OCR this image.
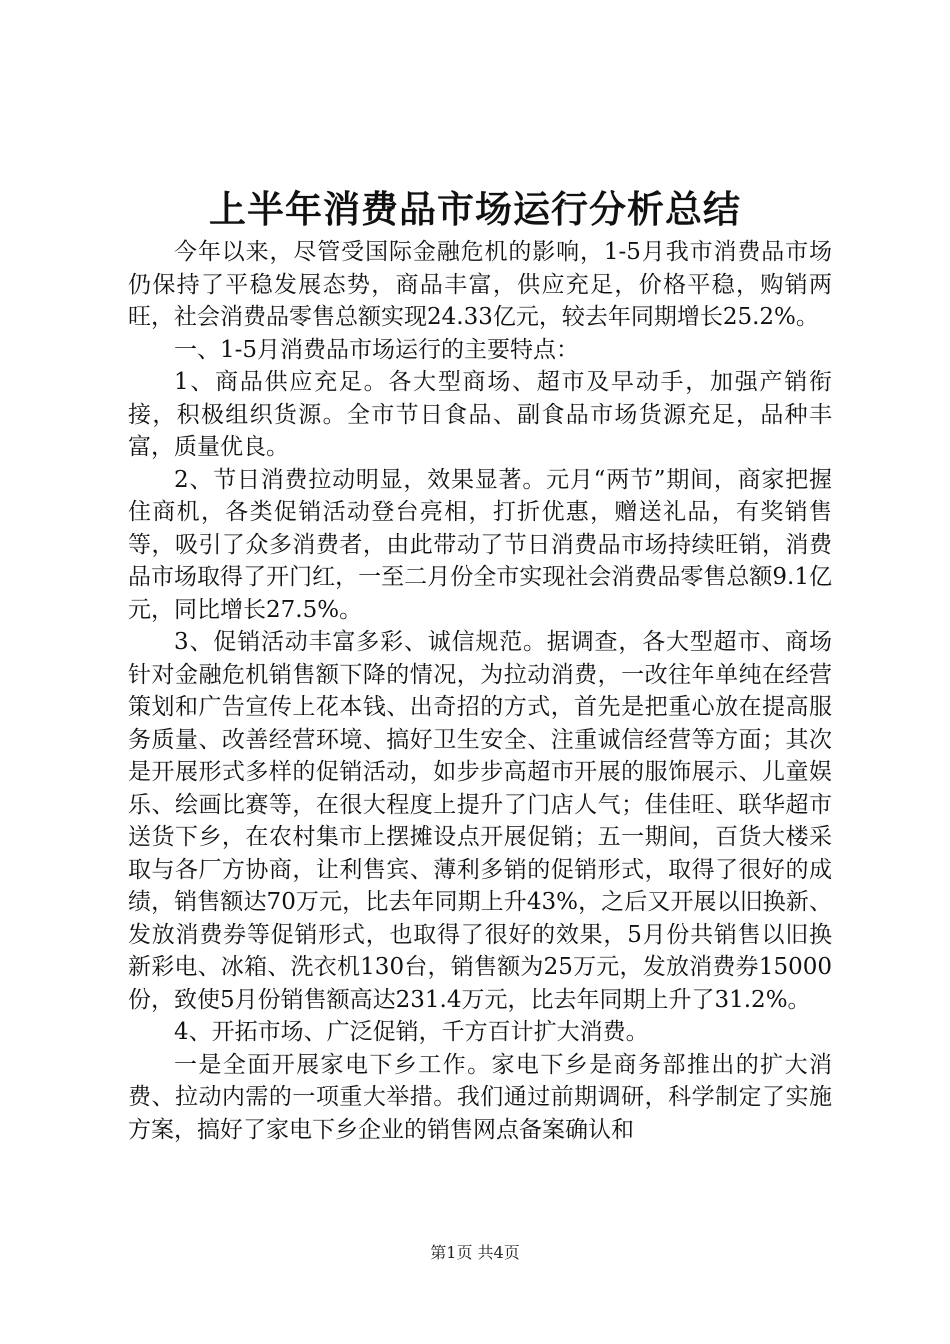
上半年消费品市场运行分析总结

今年以来，尽管受国际金融危机的影响，1-5月我市消费品市场仍保持了平稳发展态势，商品丰富，供应充足，价格平稳，购销两旺，社会消费品零售总额实现24.33亿元，较去年同期增长25.2%。

一、1-5月消费品市场运行的主要特点：

1、商品供应充足。各大型商场、超市及早动手，加强产销衔接，积极组织货源。全市节日食品、副食品市场货源充足，品种丰富，质量优良。

2、节日消费拉动明显，效果显著。元月“两节”期间，商家把握住商机，各类促销活动登台亮相，打折优惠，赠送礼品，有奖销售等，吸引了众多消费者，由此带动了节日消费品市场持续旺销，消费品市场取得了开门红，一至二月份全市实现社会消费品零售总额9.1亿元，同比增长27.5%。

3、促销活动丰富多彩、诚信规范。据调查，各大型超市、商场针对金融危机销售额下降的情况，为拉动消费，一改往年单纯在经营策划和广告宣传上花本钱、出奇招的方式，首先是把重心放在提高服务质量、改善经营环境、搞好卫生安全、注重诚信经营等方面；其次是开展形式多样的促销活动，如步步高超市开展的服饰展示、儿童娱乐、绘画比赛等，在很大程度上提升了门店人气；佳佳旺、联华超市送货下乡，在农村集市上摆摊设点开展促销；五一期间，百货大楼采取与各厂方协商，让利售宾、薄利多销的促销形式，取得了很好的成绩，销售额达70万元，比去年同期上升43%，之后又开展以旧换新、发放消费券等促销形式，也取得了很好的效果，5月份共销售以旧换新彩电、冰箱、洗衣机130台，销售额为25万元，发放消费券15000份，致使5月份销售额高达231.4万元，比去年同期上升了31.2%。

4、开拓市场、广泛促销，千方百计扩大消费。

一是全面开展家电下乡工作。家电下乡是商务部推出的扩大消费、拉动内需的一项重大举措。我们通过前期调研，科学制定了实施方案，搞好了家电下乡企业的销售网点备案确认和

第1页 共4页
